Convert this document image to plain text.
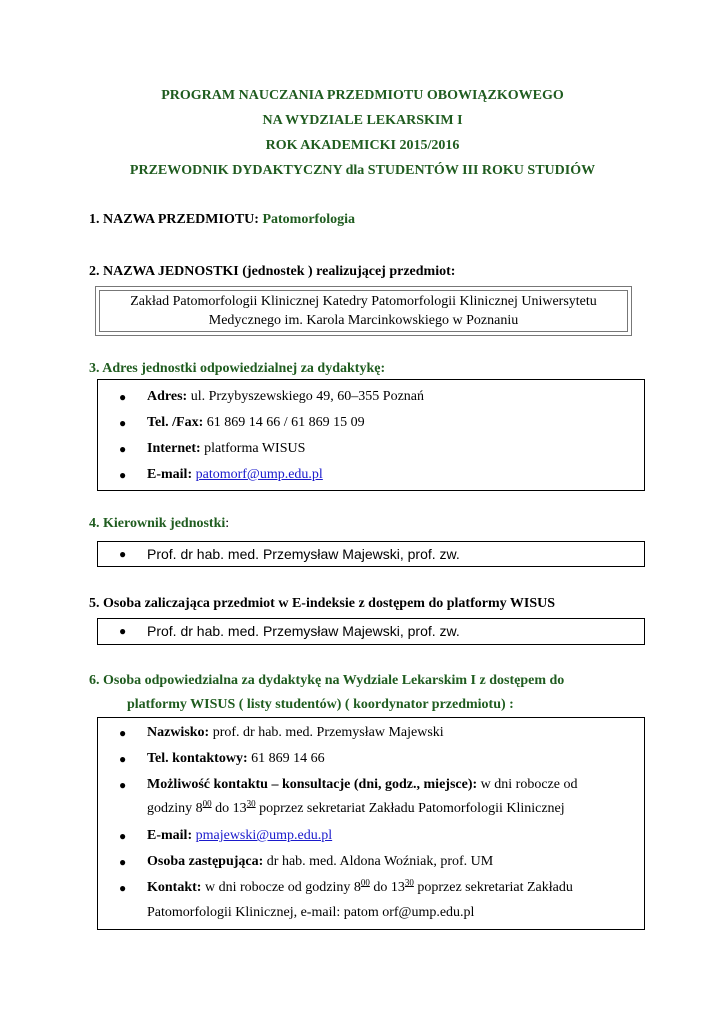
PROGRAM NAUCZANIA PRZEDMIOTU OBOWIĄZKOWEGO
NA WYDZIALE LEKARSKIM I
ROK AKADEMICKI 2015/2016
PRZEWODNIK DYDAKTYCZNY dla STUDENTÓW III ROKU STUDIÓW
1. NAZWA PRZEDMIOTU: Patomorfologia
2. NAZWA JEDNOSTKI (jednostek ) realizującej przedmiot:
Zakład Patomorfologii Klinicznej Katedry Patomorfologii Klinicznej Uniwersytetu
Medycznego im. Karola Marcinkowskiego w Poznaniu
3. Adres jednostki odpowiedzialnej za dydaktykę:
● Adres: ul. Przybyszewskiego 49, 60–355 Poznań
● Tel. /Fax: 61 869 14 66 / 61 869 15 09
● Internet: platforma WISUS
● E-mail: patomorf@ump.edu.pl
4. Kierownik jednostki:
● Prof. dr hab. med. Przemysław Majewski, prof. zw.
5. Osoba zaliczająca przedmiot w E-indeksie z dostępem do platformy WISUS
● Prof. dr hab. med. Przemysław Majewski, prof. zw.
6. Osoba odpowiedzialna za dydaktykę na Wydziale Lekarskim I z dostępem do
platformy WISUS ( listy studentów) ( koordynator przedmiotu) :
● Nazwisko: prof. dr hab. med. Przemysław Majewski
● Tel. kontaktowy: 61 869 14 66
● Możliwość kontaktu – konsultacje (dni, godz., miejsce): w dni robocze od
godziny $8^{00}$ do $13^{30}$ poprzez sekretariat Zakładu Patomorfologii Klinicznej
● E-mail: pmajewski@ump.edu.pl
● Osoba zastępująca: dr hab. med. Aldona Woźniak, prof. UM
● Kontakt: w dni robocze od godziny $8^{00}$ do $13^{30}$ poprzez sekretariat Zakładu
Patomorfologii Klinicznej, e-mail: patom orf@ump.edu.pl
